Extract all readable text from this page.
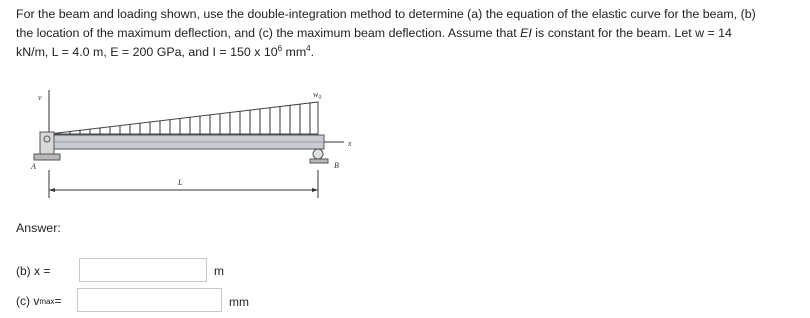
For the beam and loading shown, use the double-integration method to determine (a) the equation of the elastic curve for the beam, (b)
the location of the maximum deflection, and (c) the maximum beam deflection. Assume that EI is constant for the beam. Let w = 14
kN/m, L = 4.0 m, E = 200 GPa, and I = 150 x $10^6$ $mm^4$.
v	$w_0$
x
A	B
L
Answer:
(b) x =	m
(c) v max =	mm
